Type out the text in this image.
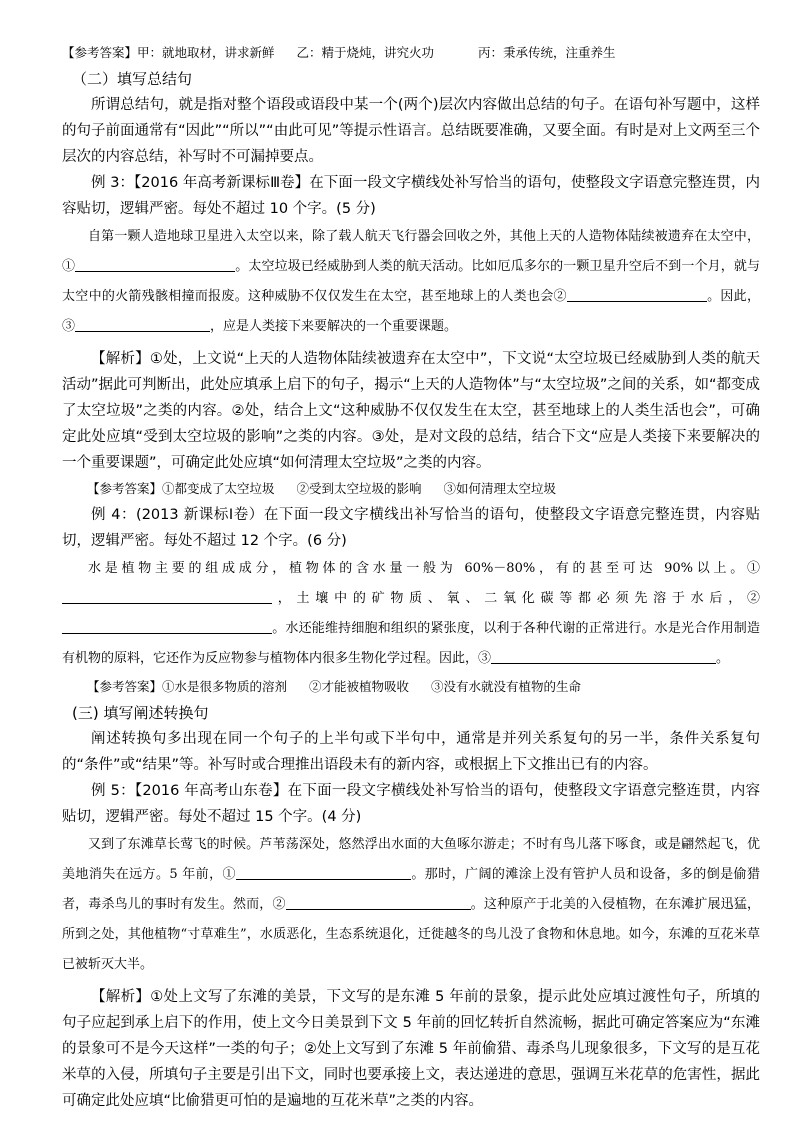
【参考答案】甲：就地取材，讲求新鲜 乙：精于烧炖，讲究火功	丙：秉承传统，注重养生

（二）填写总结句

所谓总结句，就是指对整个语段或语段中某一个(两个)层次内容做出总结的句子。在语句补写题中，这样的句子前面通常有“因此”“所以”“由此可见”等提示性语言。总结既要准确，又要全面。有时是对上文两至三个层次的内容总结，补写时不可漏掉要点。

例 3：【2016 年高考新课标Ⅲ卷】在下面一段文字横线处补写恰当的语句，使整段文字语意完整连贯，内容贴切，逻辑严密。每处不超过 10 个字。(5 分)

自第一颗人造地球卫星进入太空以来，除了载人航天飞行器会回收之外，其他上天的人造物体陆续被遗弃在太空中，①	。太空垃圾已经威胁到人类的航天活动。比如厄瓜多尔的一颗卫星升空后不到一个月，就与太空中的火箭残骸相撞而报废。这种威胁不仅仅发生在太空，甚至地球上的人类也会②	。因此，③	，应是人类接下来要解决的一个重要课题。

【解析】①处，上文说“上天的人造物体陆续被遗弃在太空中”，下文说“太空垃圾已经威胁到人类的航天活动”据此可判断出，此处应填承上启下的句子，揭示“上天的人造物体”与“太空垃圾”之间的关系，如“都变成了太空垃圾”之类的内容。②处，结合上文“这种威胁不仅仅发生在太空，甚至地球上的人类生活也会”，可确定此处应填“受到太空垃圾的影响”之类的内容。③处，是对文段的总结，结合下文“应是人类接下来要解决的一个重要课题”，可确定此处应填“如何清理太空垃圾”之类的内容。

【参考答案】①都变成了太空垃圾 ②受到太空垃圾的影响 ③如何清理太空垃圾

例 4：(2013 新课标Ⅰ卷）在下面一段文字横线出补写恰当的语句，使整段文字语意完整连贯，内容贴切，逻辑严密。每处不超过 12 个字。(6 分)

水是植物主要的组成成分，植物体的含水量一般为 60%－80%，有的甚至可达 90%以上。①，土壤中的矿物质、氧、二氧化碳等都必须先溶于水后，②。水还能维持细胞和组织的紧张度，以利于各种代谢的正常进行。水是光合作用制造有机物的原料，它还作为反应物参与植物体内很多生物化学过程。因此，③	。

【参考答案】①水是很多物质的溶剂 ②才能被植物吸收 ③没有水就没有植物的生命

(三) 填写阐述转换句

阐述转换句多出现在同一个句子的上半句或下半句中，通常是并列关系复句的另一半，条件关系复句的“条件”或“结果”等。补写时或合理推出语段未有的新内容，或根据上下文推出已有的内容。

例 5：【2016 年高考山东卷】在下面一段文字横线处补写恰当的语句，使整段文字语意完整连贯，内容贴切，逻辑严密。每处不超过 15 个字。(4 分)

又到了东滩草长莺飞的时候。芦苇荡深处，悠然浮出水面的大鱼啄尔游走；不时有鸟儿落下啄食，或是翩然起飞，优美地消失在远方。5 年前，①	。那时，广阔的滩涂上没有管护人员和设备，多的倒是偷猎者，毒杀鸟儿的事时有发生。然而，②	。这种原产于北美的入侵植物，在东滩扩展迅猛，所到之处，其他植物“寸草难生”，水质恶化，生态系统退化，迁徙越冬的鸟儿没了食物和休息地。如今，东滩的互花米草已被斩灭大半。

【解析】①处上文写了东滩的美景，下文写的是东滩 5 年前的景象，提示此处应填过渡性句子，所填的句子应起到承上启下的作用，使上文今日美景到下文 5 年前的回忆转折自然流畅，据此可确定答案应为“东滩的景象可不是今天这样”一类的句子；②处上文写到了东滩 5 年前偷猎、毒杀鸟儿现象很多，下文写的是互花米草的入侵，所填句子主要是引出下文，同时也要承接上文，表达递进的意思，强调互米花草的危害性，据此可确定此处应填“比偷猎更可怕的是遍地的互花米草”之类的内容。
